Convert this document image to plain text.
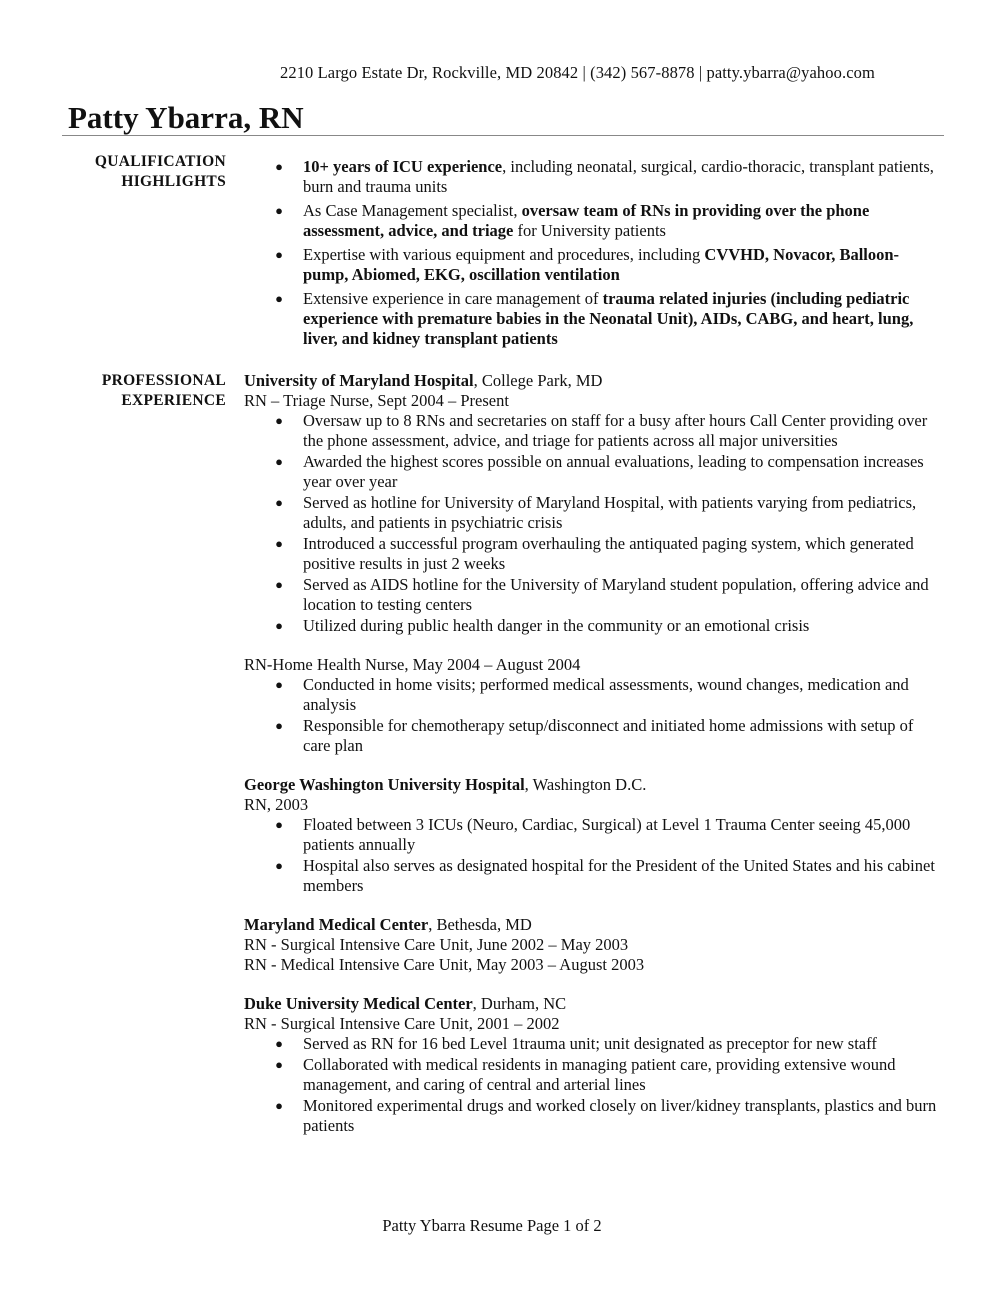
2210 Largo Estate Dr, Rockville, MD 20842 | (342) 567-8878 | patty.ybarra@yahoo.com
Patty Ybarra, RN
QUALIFICATION
HIGHLIGHTS
● 10+ years of ICU experience, including neonatal, surgical, cardio-thoracic, transplant patients, burn and trauma units
● As Case Management specialist, oversaw team of RNs in providing over the phone assessment, advice, and triage for University patients
● Expertise with various equipment and procedures, including CVVHD, Novacor, Balloon-pump, Abiomed, EKG, oscillation ventilation
● Extensive experience in care management of trauma related injuries (including pediatric experience with premature babies in the Neonatal Unit), AIDs, CABG, and heart, lung, liver, and kidney transplant patients
PROFESSIONAL
EXPERIENCE
University of Maryland Hospital, College Park, MD
RN – Triage Nurse, Sept 2004 – Present
● Oversaw up to 8 RNs and secretaries on staff for a busy after hours Call Center providing over the phone assessment, advice, and triage for patients across all major universities
● Awarded the highest scores possible on annual evaluations, leading to compensation increases year over year
● Served as hotline for University of Maryland Hospital, with patients varying from pediatrics, adults, and patients in psychiatric crisis
● Introduced a successful program overhauling the antiquated paging system, which generated positive results in just 2 weeks
● Served as AIDS hotline for the University of Maryland student population, offering advice and location to testing centers
● Utilized during public health danger in the community or an emotional crisis
RN-Home Health Nurse, May 2004 – August 2004
● Conducted in home visits; performed medical assessments, wound changes, medication and analysis
● Responsible for chemotherapy setup/disconnect and initiated home admissions with setup of care plan
George Washington University Hospital, Washington D.C.
RN, 2003
● Floated between 3 ICUs (Neuro, Cardiac, Surgical) at Level 1 Trauma Center seeing 45,000 patients annually
● Hospital also serves as designated hospital for the President of the United States and his cabinet members
Maryland Medical Center, Bethesda, MD
RN - Surgical Intensive Care Unit, June 2002 – May 2003
RN - Medical Intensive Care Unit, May 2003 – August 2003
Duke University Medical Center, Durham, NC
RN - Surgical Intensive Care Unit, 2001 – 2002
● Served as RN for 16 bed Level 1trauma unit; unit designated as preceptor for new staff
● Collaborated with medical residents in managing patient care, providing extensive wound management, and caring of central and arterial lines
● Monitored experimental drugs and worked closely on liver/kidney transplants, plastics and burn patients
Patty Ybarra Resume Page 1 of 2
